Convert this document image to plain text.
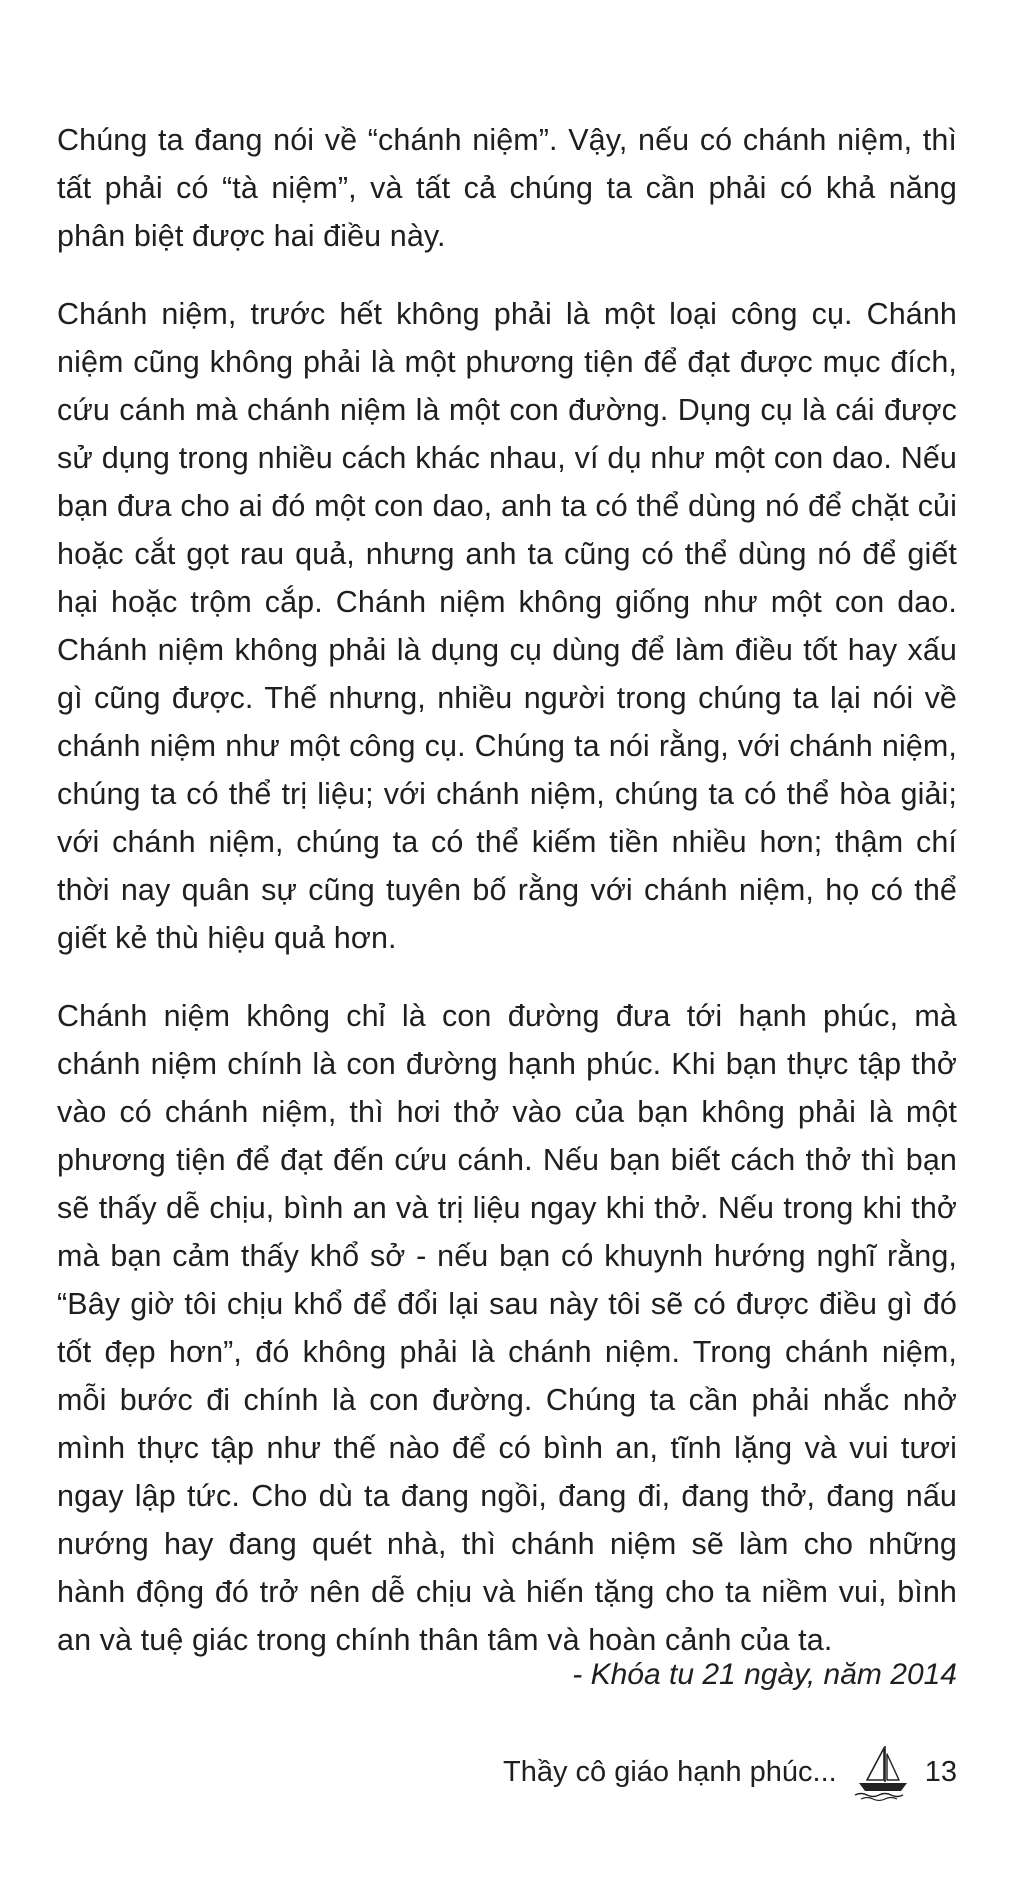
Chúng ta đang nói về “chánh niệm”. Vậy, nếu có chánh niệm, thì tất phải có “tà niệm”, và tất cả chúng ta cần phải có khả năng phân biệt được hai điều này.

Chánh niệm, trước hết không phải là một loại công cụ. Chánh niệm cũng không phải là một phương tiện để đạt được mục đích, cứu cánh mà chánh niệm là một con đường. Dụng cụ là cái được sử dụng trong nhiều cách khác nhau, ví dụ như một con dao. Nếu bạn đưa cho ai đó một con dao, anh ta có thể dùng nó để chặt củi hoặc cắt gọt rau quả, nhưng anh ta cũng có thể dùng nó để giết hại hoặc trộm cắp. Chánh niệm không giống như một con dao. Chánh niệm không phải là dụng cụ dùng để làm điều tốt hay xấu gì cũng được. Thế nhưng, nhiều người trong chúng ta lại nói về chánh niệm như một công cụ. Chúng ta nói rằng, với chánh niệm, chúng ta có thể trị liệu; với chánh niệm, chúng ta có thể hòa giải; với chánh niệm, chúng ta có thể kiếm tiền nhiều hơn; thậm chí thời nay quân sự cũng tuyên bố rằng với chánh niệm, họ có thể giết kẻ thù hiệu quả hơn.

Chánh niệm không chỉ là con đường đưa tới hạnh phúc, mà chánh niệm chính là con đường hạnh phúc. Khi bạn thực tập thở vào có chánh niệm, thì hơi thở vào của bạn không phải là một phương tiện để đạt đến cứu cánh. Nếu bạn biết cách thở thì bạn sẽ thấy dễ chịu, bình an và trị liệu ngay khi thở. Nếu trong khi thở mà bạn cảm thấy khổ sở - nếu bạn có khuynh hướng nghĩ rằng, “Bây giờ tôi chịu khổ để đổi lại sau này tôi sẽ có được điều gì đó tốt đẹp hơn”, đó không phải là chánh niệm. Trong chánh niệm, mỗi bước đi chính là con đường. Chúng ta cần phải nhắc nhở mình thực tập như thế nào để có bình an, tĩnh lặng và vui tươi ngay lập tức. Cho dù ta đang ngồi, đang đi, đang thở, đang nấu nướng hay đang quét nhà, thì chánh niệm sẽ làm cho những hành động đó trở nên dễ chịu và hiến tặng cho ta niềm vui, bình an và tuệ giác trong chính thân tâm và hoàn cảnh của ta.

- Khóa tu 21 ngày, năm 2014
Thầy cô giáo hạnh phúc...	13
